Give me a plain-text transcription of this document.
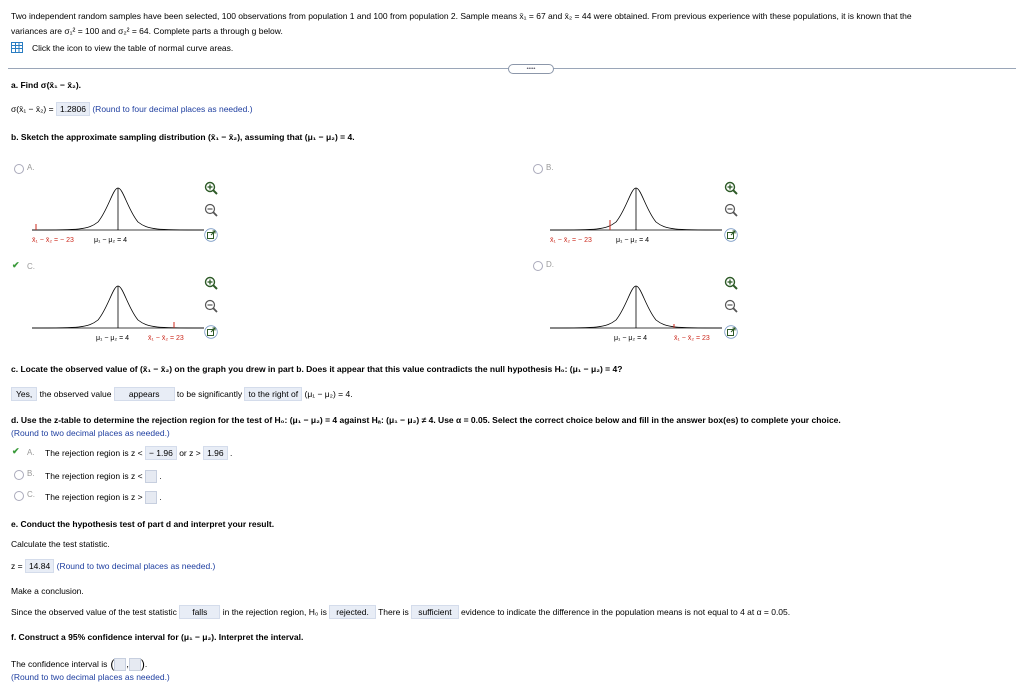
Two independent random samples have been selected, 100 observations from population 1 and 100 from population 2. Sample means x̄₁ = 67 and x̄₂ = 44 were obtained. From previous experience with these populations, it is known that the
variances are σ₁² = 100 and σ₂² = 64. Complete parts a through g below.
Click the icon to view the table of normal curve areas.
•••••
a. Find σ(x̄₁ − x̄₂).
σ(x̄₁ − x̄₂) = 1.2806 (Round to four decimal places as needed.)
b. Sketch the approximate sampling distribution (x̄₁ − x̄₂), assuming that (μ₁ − μ₂) = 4.
A.
x̄₁ − x̄₂ = − 23	μ₁ − μ₂ = 4
B.
x̄₁ − x̄₂ = − 23	μ₁ − μ₂ = 4
✔ C.
μ₁ − μ₂ = 4	x̄₁ − x̄₂ = 23
D.
μ₁ − μ₂ = 4	x̄₁ − x̄₂ = 23
c. Locate the observed value of (x̄₁ − x̄₂) on the graph you drew in part b. Does it appear that this value contradicts the null hypothesis H₀: (μ₁ − μ₂) = 4?
Yes, the observed value appears to be significantly to the right of (μ₁ − μ₂) = 4.
d. Use the z-table to determine the rejection region for the test of H₀: (μ₁ − μ₂) = 4 against Hₐ: (μ₁ − μ₂) ≠ 4. Use α = 0.05. Select the correct choice below and fill in the answer box(es) to complete your choice.
(Round to two decimal places as needed.)
✔ A. The rejection region is z < − 1.96 or z > 1.96 .
B. The rejection region is z < .
C. The rejection region is z > .
e. Conduct the hypothesis test of part d and interpret your result.
Calculate the test statistic.
z = 14.84 (Round to two decimal places as needed.)
Make a conclusion.
Since the observed value of the test statistic falls in the rejection region, H₀ is rejected. There is sufficient evidence to indicate the difference in the population means is not equal to 4 at α = 0.05.
f. Construct a 95% confidence interval for (μ₁ − μ₂). Interpret the interval.
The confidence interval is ( , ) .
(Round to two decimal places as needed.)
